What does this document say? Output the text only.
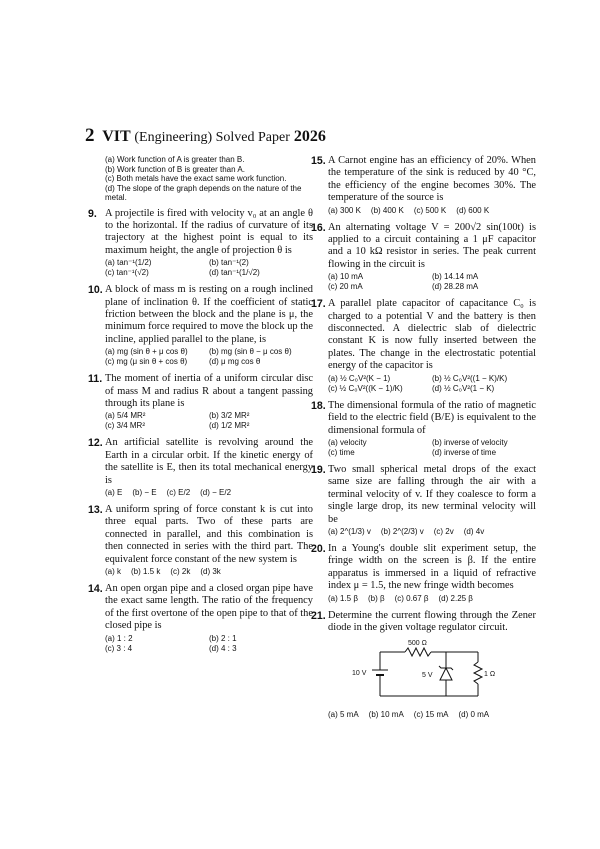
2 VIT (Engineering) Solved Paper 2026
(a) Work function of A is greater than B.
(b) Work function of B is greater than A.
(c) Both metals have the exact same work function.
(d) The slope of the graph depends on the nature of the metal.
9. A projectile is fired with velocity v₀ at an angle θ to the horizontal. If the radius of curvature of its trajectory at the highest point is equal to its maximum height, the angle of projection θ is
(a) tan⁻¹(1/2)	(b) tan⁻¹(2)
(c) tan⁻¹(√2)	(d) tan⁻¹(1/√2)
10. A block of mass m is resting on a rough inclined plane of inclination θ. If the coefficient of static friction between the block and the plane is μ, the minimum force required to move the block up the incline, applied parallel to the plane, is
(a) mg (sin θ + μ cos θ)	(b) mg (sin θ − μ cos θ)
(c) mg (μ sin θ + cos θ)	(d) μ mg cos θ
11. The moment of inertia of a uniform circular disc of mass M and radius R about a tangent passing through its plane is
(a) 5/4 MR²	(b) 3/2 MR²
(c) 3/4 MR²	(d) 1/2 MR²
12. An artificial satellite is revolving around the Earth in a circular orbit. If the kinetic energy of the satellite is E, then its total mechanical energy is
(a) E (b) − E (c) E/2 (d) − E/2
13. A uniform spring of force constant k is cut into three equal parts. Two of these parts are connected in parallel, and this combination is then connected in series with the third part. The equivalent force constant of the new system is
(a) k (b) 1.5 k (c) 2k (d) 3k
14. An open organ pipe and a closed organ pipe have the exact same length. The ratio of the frequency of the first overtone of the open pipe to that of the closed pipe is
(a) 1 : 2	(b) 2 : 1
(c) 3 : 4	(d) 4 : 3
15. A Carnot engine has an efficiency of 20%. When the temperature of the sink is reduced by 40 °C, the efficiency of the engine becomes 30%. The temperature of the source is
(a) 300 K (b) 400 K (c) 500 K (d) 600 K
16. An alternating voltage V = 200√2 sin(100t) is applied to a circuit containing a 1 μF capacitor and a 10 kΩ resistor in series. The peak current flowing in the circuit is
(a) 10 mA	(b) 14.14 mA
(c) 20 mA	(d) 28.28 mA
17. A parallel plate capacitor of capacitance C₀ is charged to a potential V and the battery is then disconnected. A dielectric slab of dielectric constant K is now fully inserted between the plates. The change in the electrostatic potential energy of the capacitor is
(a) ½ C₀V²(K − 1)	(b) ½ C₀V²((1 − K)/K)
(c) ½ C₀V²((K − 1)/K)	(d) ½ C₀V²(1 − K)
18. The dimensional formula of the ratio of magnetic field to the electric field (B/E) is equivalent to the dimensional formula of
(a) velocity	(b) inverse of velocity
(c) time	(d) inverse of time
19. Two small spherical metal drops of the exact same size are falling through the air with a terminal velocity of v. If they coalesce to form a single large drop, its new terminal velocity will be
(a) 2^(1/3) v (b) 2^(2/3) v (c) 2v (d) 4v
20. In a Young's double slit experiment setup, the fringe width on the screen is β. If the entire apparatus is immersed in a liquid of refractive index μ = 1.5, the new fringe width becomes
(a) 1.5 β (b) β (c) 0.67 β (d) 2.25 β
21. Determine the current flowing through the Zener diode in the given voltage regulator circuit.
500 Ω
10 V	5 V	1 Ω
(a) 5 mA (b) 10 mA (c) 15 mA (d) 0 mA
